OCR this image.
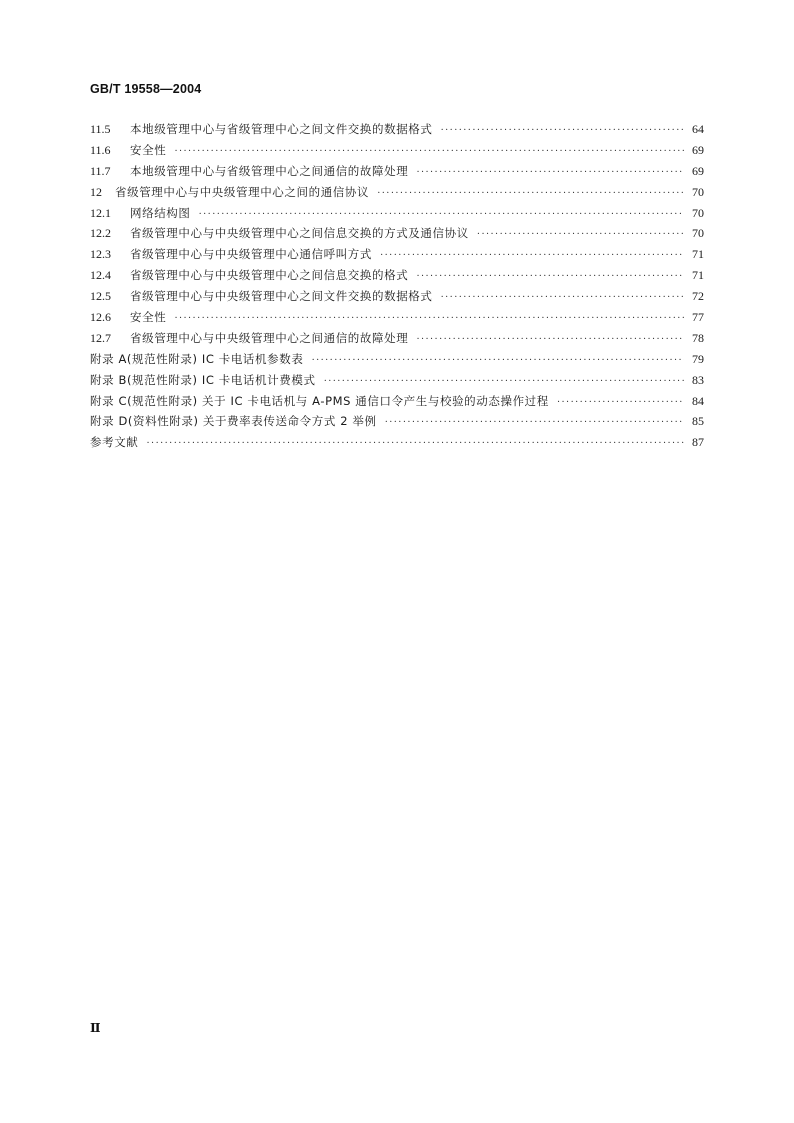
GB/T 19558—2004
11.5	本地级管理中心与省级管理中心之间文件交换的数据格式 ·····	64
11.6	安全性 ·····	69
11.7	本地级管理中心与省级管理中心之间通信的故障处理 ·····	69
12	省级管理中心与中央级管理中心之间的通信协议 ·····	70
12.1	网络结构图 ·····	70
12.2	省级管理中心与中央级管理中心之间信息交换的方式及通信协议 ·····	70
12.3	省级管理中心与中央级管理中心通信呼叫方式 ·····	71
12.4	省级管理中心与中央级管理中心之间信息交换的格式 ·····	71
12.5	省级管理中心与中央级管理中心之间文件交换的数据格式 ·····	72
12.6	安全性 ·····	77
12.7	省级管理中心与中央级管理中心之间通信的故障处理 ·····	78
附录 A(规范性附录) IC 卡电话机参数表 ·····	79
附录 B(规范性附录) IC 卡电话机计费模式 ·····	83
附录 C(规范性附录) 关于 IC 卡电话机与 A-PMS 通信口令产生与校验的动态操作过程 ·····	84
附录 D(资料性附录) 关于费率表传送命令方式 2 举例 ·····	85
参考文献 ·····	87
Ⅱ
